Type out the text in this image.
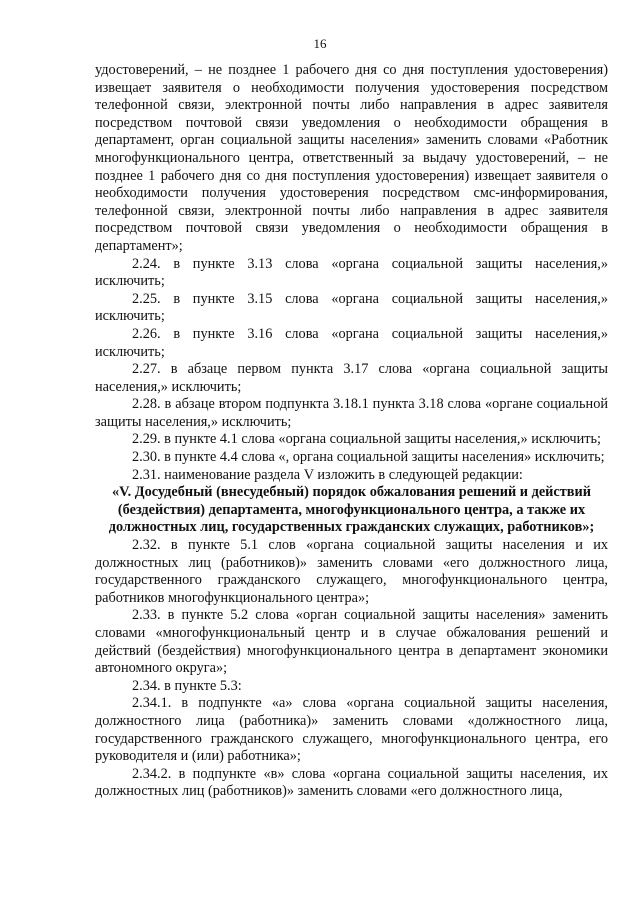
16

удостоверений, – не позднее 1 рабочего дня со дня поступления удостоверения) извещает заявителя о необходимости получения удостоверения посредством телефонной связи, электронной почты либо направления в адрес заявителя посредством почтовой связи уведомления о необходимости обращения в департамент, орган социальной защиты населения» заменить словами «Работник многофункционального центра, ответственный за выдачу удостоверений, – не позднее 1 рабочего дня со дня поступления удостоверения) извещает заявителя о необходимости получения удостоверения посредством смс-информирования, телефонной связи, электронной почты либо направления в адрес заявителя посредством почтовой связи уведомления о необходимости обращения в департамент»;

2.24. в пункте 3.13 слова «органа социальной защиты населения,» исключить;

2.25. в пункте 3.15 слова «органа социальной защиты населения,» исключить;

2.26. в пункте 3.16 слова «органа социальной защиты населения,» исключить;

2.27. в абзаце первом пункта 3.17 слова «органа социальной защиты населения,» исключить;

2.28. в абзаце втором подпункта 3.18.1 пункта 3.18 слова «органе социальной защиты населения,» исключить;

2.29. в пункте 4.1 слова «органа социальной защиты населения,» исключить;

2.30. в пункте 4.4 слова «, органа социальной защиты населения» исключить;

2.31. наименование раздела V изложить в следующей редакции:

«V. Досудебный (внесудебный) порядок обжалования решений и действий (бездействия) департамента, многофункционального центра, а также их должностных лиц, государственных гражданских служащих, работников»;

2.32. в пункте 5.1 слов «органа социальной защиты населения и их должностных лиц (работников)» заменить словами «его должностного лица, государственного гражданского служащего, многофункционального центра, работников многофункционального центра»;

2.33. в пункте 5.2 слова «орган социальной защиты населения» заменить словами «многофункциональный центр и в случае обжалования решений и действий (бездействия) многофункционального центра в департамент экономики автономного округа»;

2.34. в пункте 5.3:

2.34.1. в подпункте «а» слова «органа социальной защиты населения, должностного лица (работника)» заменить словами «должностного лица, государственного гражданского служащего, многофункционального центра, его руководителя и (или) работника»;

2.34.2. в подпункте «в» слова «органа социальной защиты населения, их должностных лиц (работников)» заменить словами «его должностного лица,
